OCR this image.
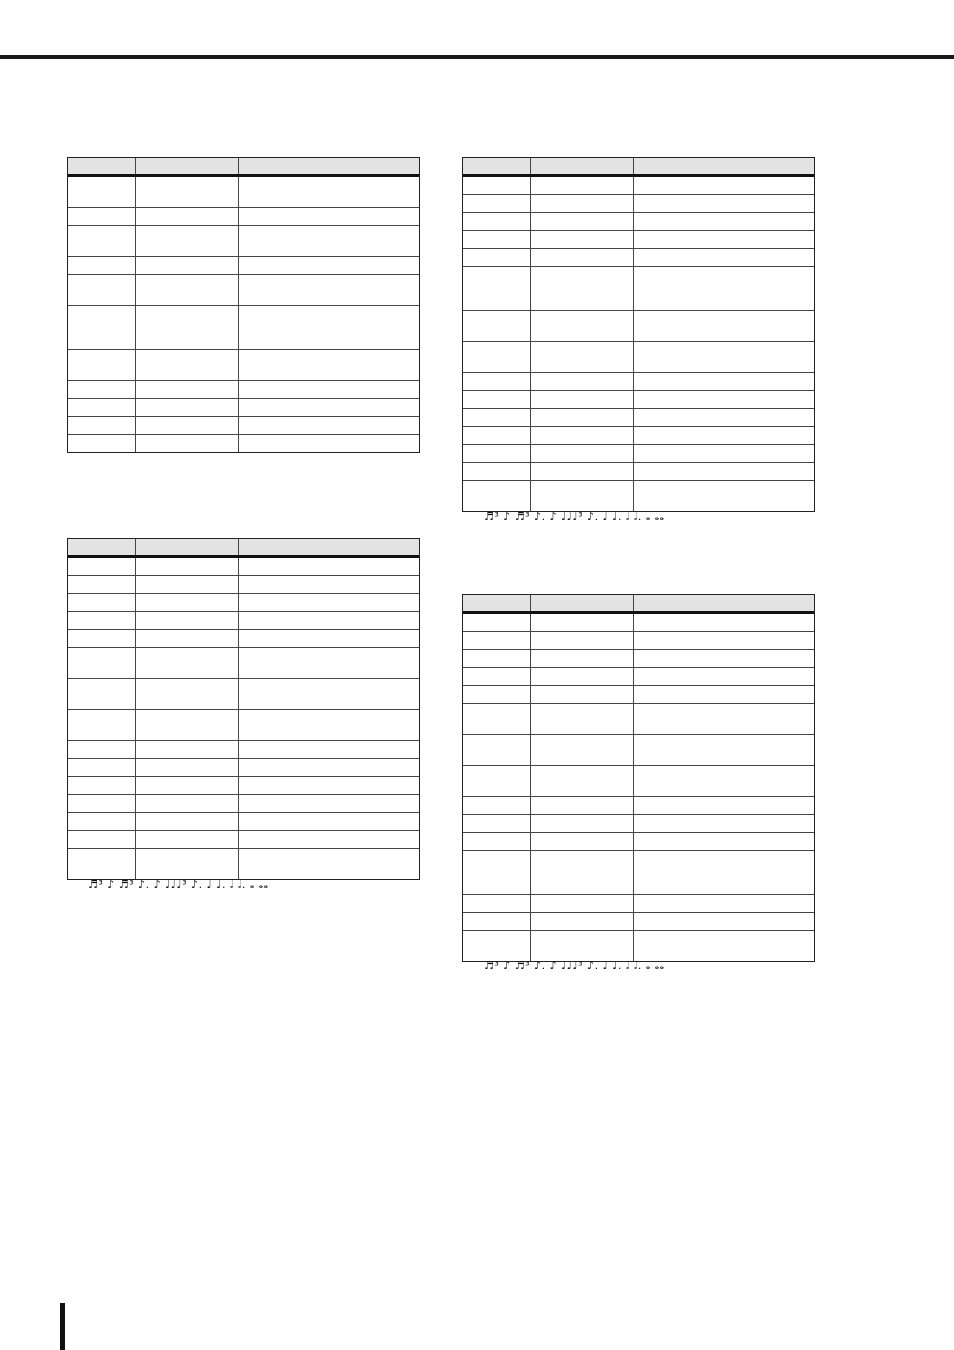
♬³ ♪ ♬³ ♪. ♪ ♩♩♩³ ♪. ♩ ♩. 𝅗𝅥 𝅗𝅥. 𝅝 𝅝𝅝
♬³ ♪ ♬³ ♪. ♪ ♩♩♩³ ♪. ♩ ♩. 𝅗𝅥 𝅗𝅥. 𝅝 𝅝𝅝
♬³ ♪ ♬³ ♪. ♪ ♩♩♩³ ♪. ♩ ♩. 𝅗𝅥 𝅗𝅥. 𝅝 𝅝𝅝
